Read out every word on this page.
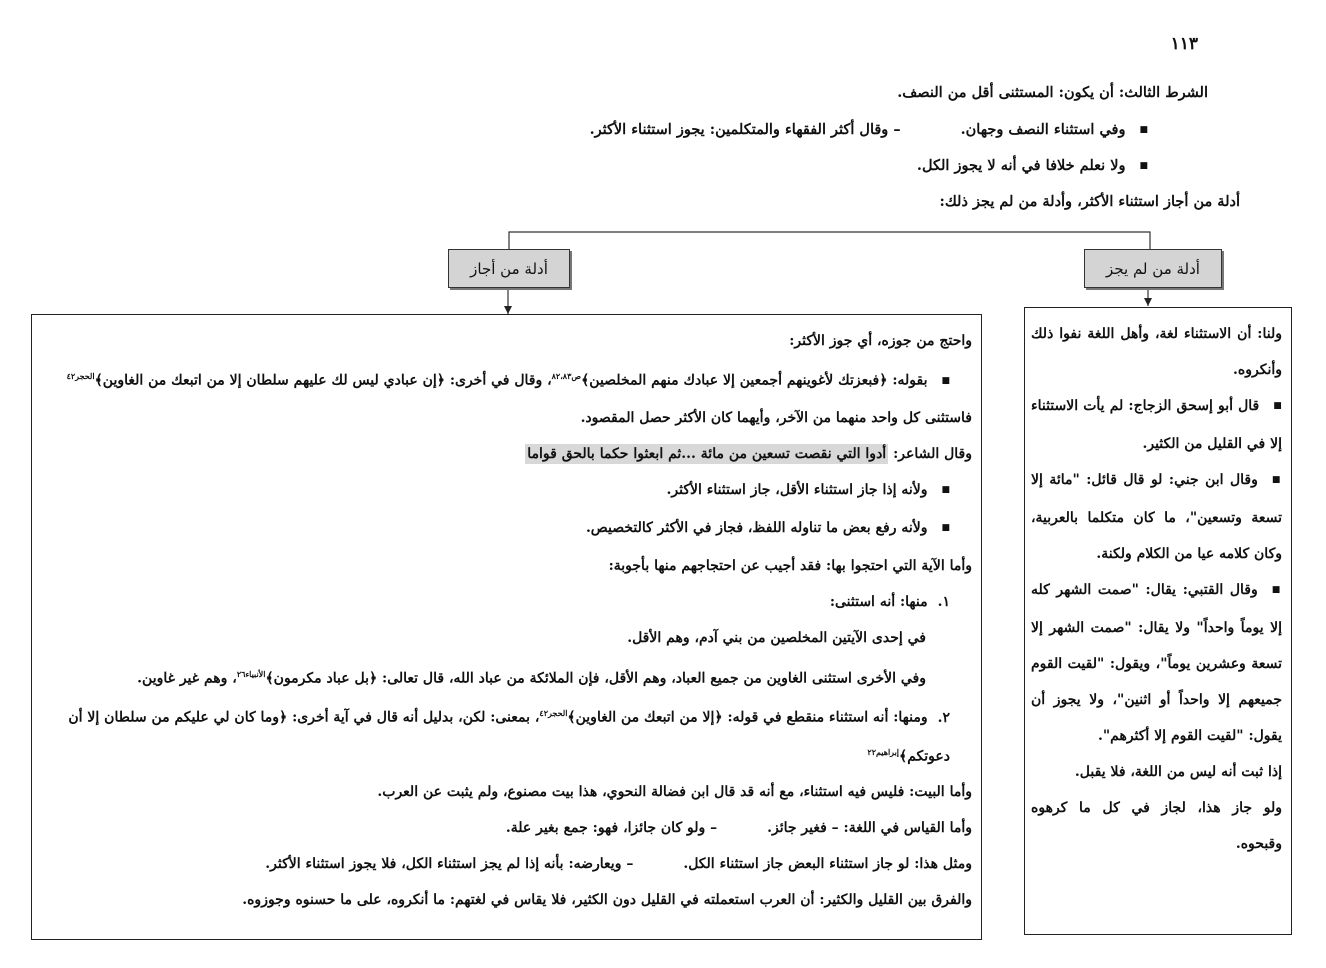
١١٣
الشرط الثالث: أن يكون: المستثنى أقل من النصف.
■ وفي استثناء النصف وجهان.– وقال أكثر الفقهاء والمتكلمين: يجوز استثناء الأكثر.
■ ولا نعلم خلافا في أنه لا يجوز الكل.
أدلة من أجاز استثناء الأكثر، وأدلة من لم يجز ذلك:
أدلة من أجاز	أدلة من لم يجز

ولنا: أن الاستثناء لغة، وأهل اللغة نفوا ذلك وأنكروه.

■ قال أبو إسحق الزجاج: لم يأت الاستثناء إلا في القليل من الكثير.

■ وقال ابن جني: لو قال قائل: "مائة إلا تسعة وتسعين"، ما كان متكلما بالعربية، وكان كلامه عيا من الكلام ولكنة.

■ وقال القتبي: يقال: "صمت الشهر كله إلا يوماً واحداً" ولا يقال: "صمت الشهر إلا تسعة وعشرين يوماً"، ويقول: "لقيت القوم جميعهم إلا واحداً أو اثنين"، ولا يجوز أن يقول: "لقيت القوم إلا أكثرهم".

إذا ثبت أنه ليس من اللغة، فلا يقبل.

ولو جاز هذا، لجاز في كل ما كرهوه وقبحوه.

واحتج من جوزه، أي جوز الأكثر:

■ بقوله: ﴿فبعزتك لأغوينهم أجمعين إلا عبادك منهم المخلصين﴾$^{ص٨٢،٨٣}$، وقال في أخرى: ﴿إن عبادي ليس لك عليهم سلطان إلا من اتبعك من الغاوين﴾$^{الحجر٤٢}$

فاستثنى كل واحد منهما من الآخر، وأيهما كان الأكثر حصل المقصود.

وقال الشاعر: أدوا التي نقصت تسعين من مائة ...ثم ابعثوا حكما بالحق قواما

■ ولأنه إذا جاز استثناء الأقل، جاز استثناء الأكثر.

■ ولأنه رفع بعض ما تناوله اللفظ، فجاز في الأكثر كالتخصيص.

وأما الآية التي احتجوا بها: فقد أجيب عن احتجاجهم منها بأجوبة:

١.منها: أنه استثنى:

في إحدى الآيتين المخلصين من بني آدم، وهم الأقل.

وفي الأخرى استثنى الغاوين من جميع العباد، وهم الأقل، فإن الملائكة من عباد الله، قال تعالى: ﴿بل عباد مكرمون﴾$^{الأنبياء٢٦}$، وهم غير غاوين.

٢.ومنها: أنه استثناء منقطع في قوله: ﴿إلا من اتبعك من الغاوين﴾$^{الحجر٤٢}$، بمعنى: لكن، بدليل أنه قال في آية أخرى: ﴿وما كان لي عليكم من سلطان إلا أن دعوتكم﴾$^{إبراهيم٢٢}$

وأما البيت: فليس فيه استثناء، مع أنه قد قال ابن فضالة النحوي، هذا بيت مصنوع، ولم يثبت عن العرب.

وأما القياس في اللغة: – فغير جائز.– ولو كان جائزا، فهو: جمع بغير علة.

ومثل هذا: لو جاز استثناء البعض جاز استثناء الكل.– ويعارضه: بأنه إذا لم يجز استثناء الكل، فلا يجوز استثناء الأكثر.

والفرق بين القليل والكثير: أن العرب استعملته في القليل دون الكثير، فلا يقاس في لغتهم: ما أنكروه، على ما حسنوه وجوزوه.
